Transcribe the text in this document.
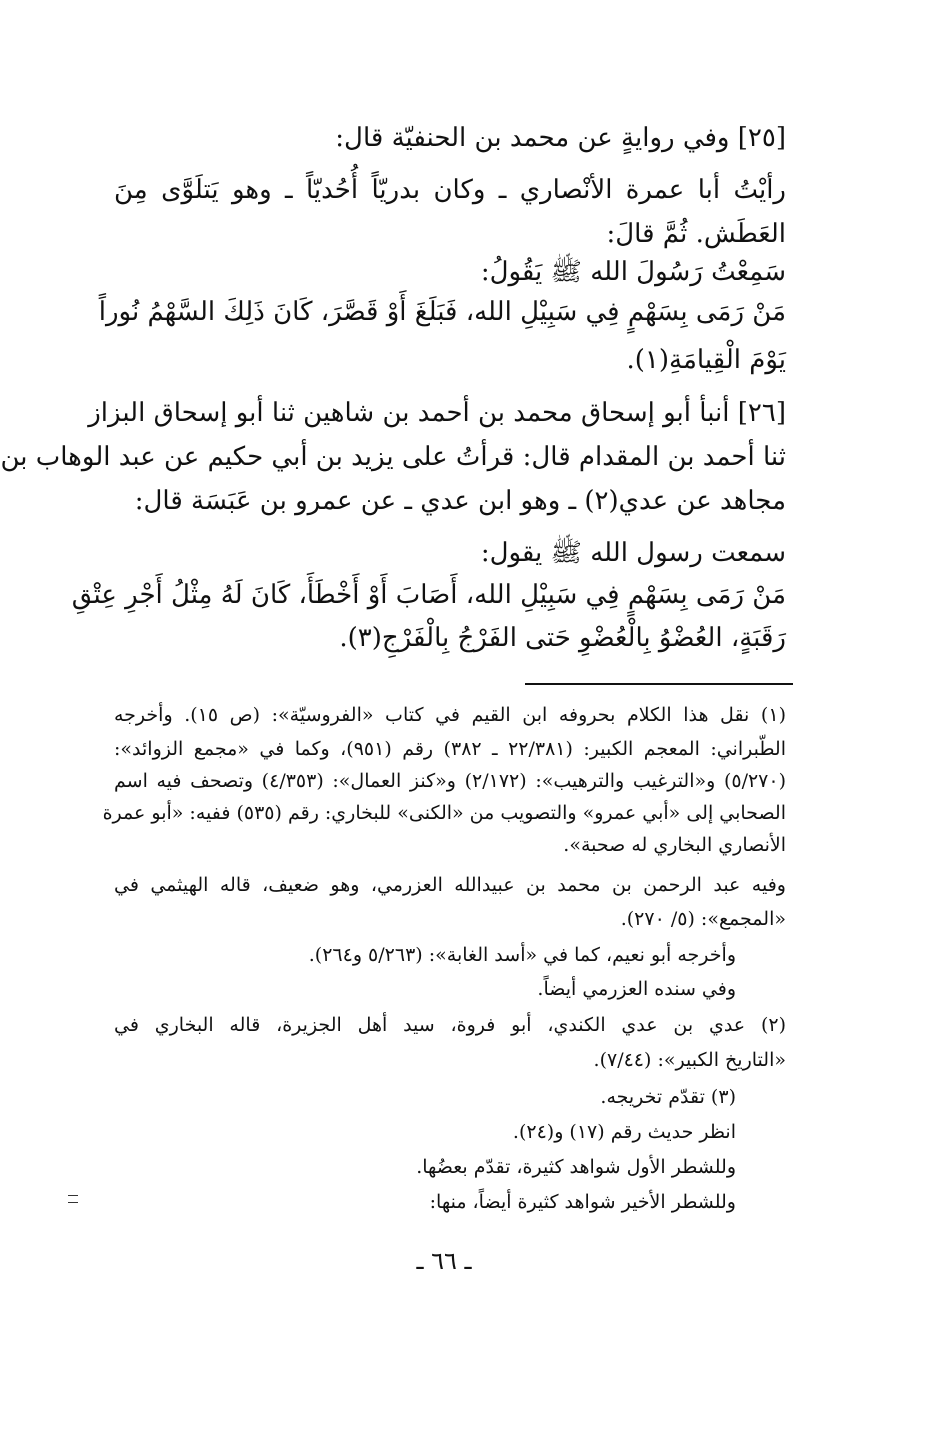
[٢٥] وفي روايةٍ عن محمد بن الحنفيّة قال:
رأيْتُ أبا عمرة الأنْصاري ـ وكان بدريّاً أُحُديّاً ـ وهو يَتلَوَّى مِنَ
العَطَش. ثُمَّ قالَ:
سَمِعْتُ رَسُولَ الله ﷺ يَقُولُ:
مَنْ رَمَى بِسَهْمٍ فِي سَبِيْلِ الله، فَبَلَغَ أَوْ قَصَّرَ، كَانَ ذَلِكَ السَّهْمُ نُوراً
يَوْمَ الْقِيامَةِ(١).
[٢٦] أنبأ أبو إسحاق محمد بن أحمد بن شاهين ثنا أبو إسحاق البزاز
ثنا أحمد بن المقدام قال: قرأتُ على يزيد بن أبي حكيم عن عبد الوهاب بن
مجاهد عن عدي(٢) ـ وهو ابن عدي ـ عن عمرو بن عَبَسَة قال:
سمعت رسول الله ﷺ يقول:
مَنْ رَمَى بِسَهْمٍ فِي سَبِيْلِ الله، أَصَابَ أَوْ أَخْطَأَ، كَانَ لَهُ مِثْلُ أَجْرِ عِتْقِ
رَقَبَةٍ، العُضْوُ بِالْعُضْوِ حَتى الفَرْجُ بِالْفَرْجِ(٣).
(١) نقل هذا الكلام بحروفه ابن القيم في كتاب «الفروسيّة»: (ص ١٥). وأخرجه
الطّبراني: المعجم الكبير: (٢٢/٣٨١ ـ ٣٨٢) رقم (٩٥١)، وكما في «مجمع الزوائد»:
(٥/٢٧٠) و«الترغيب والترهيب»: (٢/١٧٢) و«كنز العمال»: (٤/٣٥٣) وتصحف فيه اسم
الصحابي إلى «أبي عمرو» والتصويب من «الكنى» للبخاري: رقم (٥٣٥) ففيه: «أبو عمرة
الأنصاري البخاري له صحبة».
وفيه عبد الرحمن بن محمد بن عبيدالله العزرمي، وهو ضعيف، قاله الهيثمي في
«المجمع»: (٥/ ٢٧٠).
وأخرجه أبو نعيم، كما في «أسد الغابة»: (٥/٢٦٣ و٢٦٤).
وفي سنده العزرمي أيضاً.
(٢) عدي بن عدي الكندي، أبو فروة، سيد أهل الجزيرة، قاله البخاري في
«التاريخ الكبير»: (٧/٤٤).
(٣) تقدّم تخريجه.
انظر حديث رقم (١٧) و(٢٤).
وللشطر الأول شواهد كثيرة، تقدّم بعضُها.
وللشطر الأخير شواهد كثيرة أيضاً، منها:
ـ ٦٦ ـ
